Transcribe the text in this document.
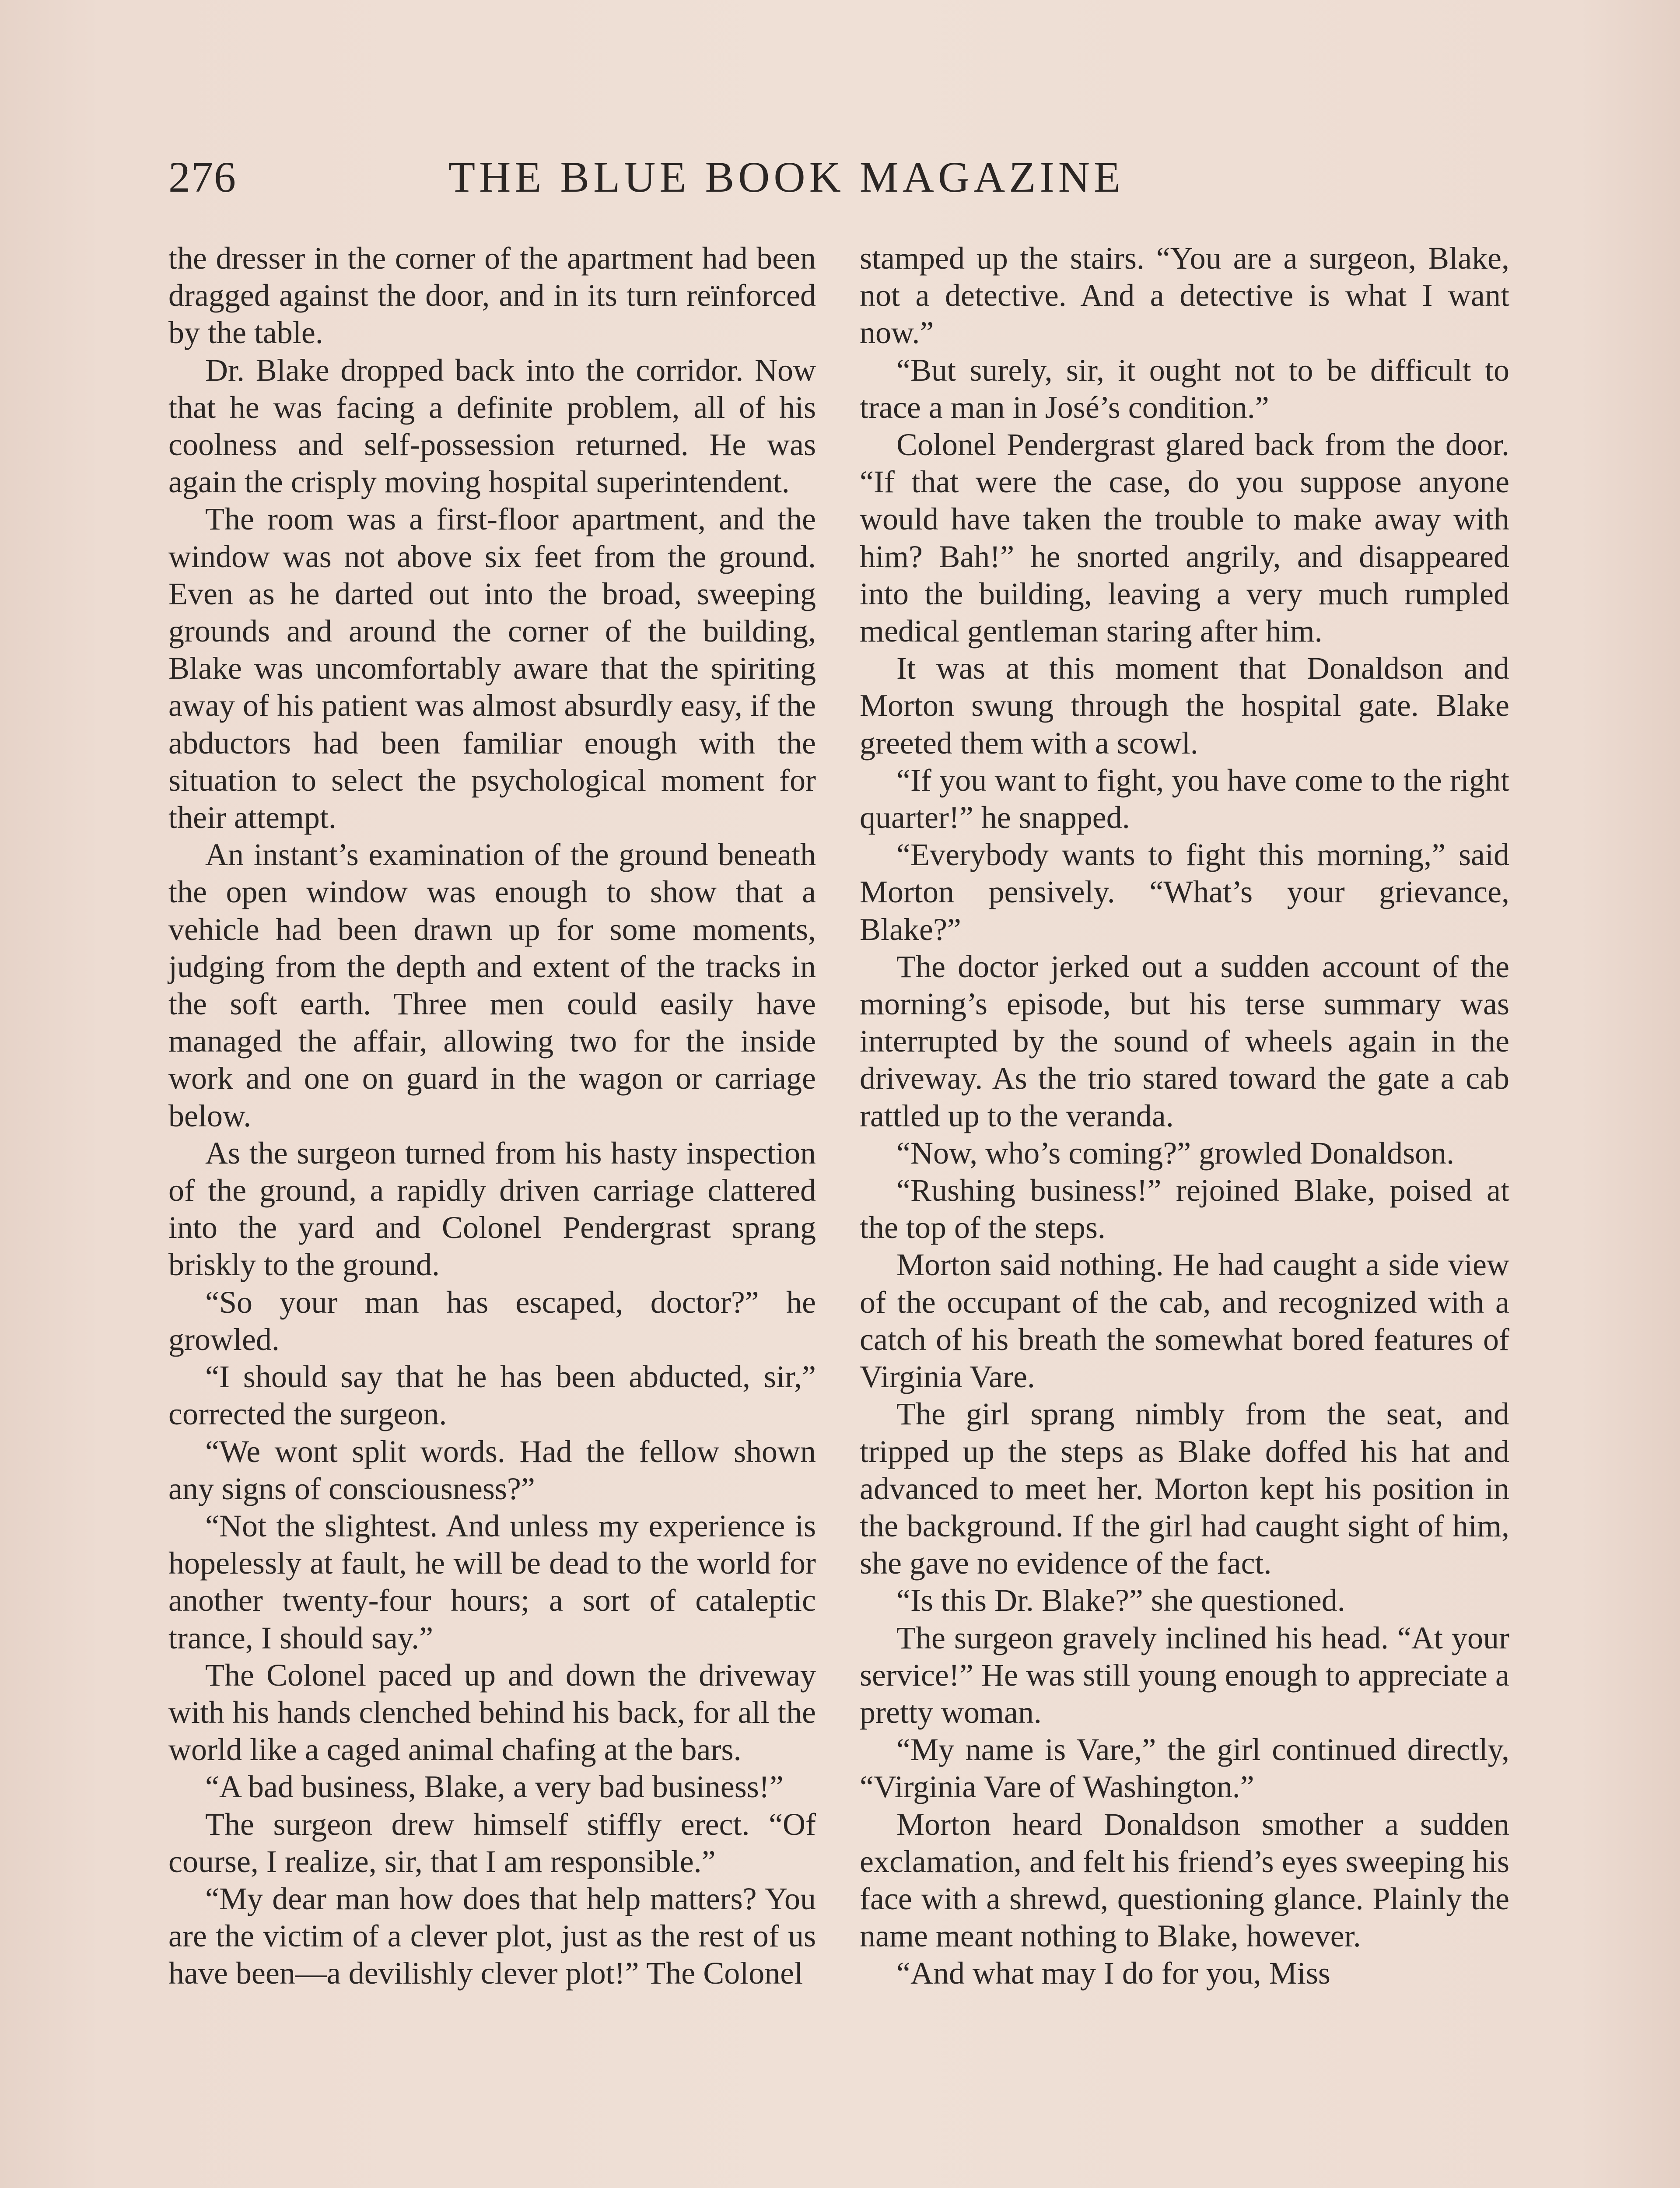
276	THE BLUE BOOK MAGAZINE

the dresser in the corner of the apartment had been dragged against the door, and in its turn reïnforced by the table.

Dr. Blake dropped back into the corridor. Now that he was facing a definite problem, all of his coolness and self-possession returned. He was again the crisply moving hospital superintendent.

The room was a first-floor apartment, and the window was not above six feet from the ground. Even as he darted out into the broad, sweeping grounds and around the corner of the building, Blake was uncomfortably aware that the spiriting away of his patient was almost absurdly easy, if the abductors had been familiar enough with the situation to select the psychological moment for their attempt.

An instant’s examination of the ground beneath the open window was enough to show that a vehicle had been drawn up for some moments, judging from the depth and extent of the tracks in the soft earth. Three men could easily have managed the affair, allowing two for the inside work and one on guard in the wagon or carriage below.

As the surgeon turned from his hasty inspection of the ground, a rapidly driven carriage clattered into the yard and Colonel Pendergrast sprang briskly to the ground.

“So your man has escaped, doctor?” he growled.

“I should say that he has been abducted, sir,” corrected the surgeon.

“We wont split words. Had the fellow shown any signs of consciousness?”

“Not the slightest. And unless my experience is hopelessly at fault, he will be dead to the world for another twenty-four hours; a sort of cataleptic trance, I should say.”

The Colonel paced up and down the driveway with his hands clenched behind his back, for all the world like a caged animal chafing at the bars.

“A bad business, Blake, a very bad business!”

The surgeon drew himself stiffly erect. “Of course, I realize, sir, that I am responsible.”

“My dear man how does that help matters? You are the victim of a clever plot, just as the rest of us have been—a devilishly clever plot!” The Colonel

stamped up the stairs. “You are a surgeon, Blake, not a detective. And a detective is what I want now.”

“But surely, sir, it ought not to be difficult to trace a man in José’s condition.”

Colonel Pendergrast glared back from the door. “If that were the case, do you suppose anyone would have taken the trouble to make away with him? Bah!” he snorted angrily, and disappeared into the building, leaving a very much rumpled medical gentleman staring after him.

It was at this moment that Donaldson and Morton swung through the hospital gate. Blake greeted them with a scowl.

“If you want to fight, you have come to the right quarter!” he snapped.

“Everybody wants to fight this morning,” said Morton pensively. “What’s your grievance, Blake?”

The doctor jerked out a sudden account of the morning’s episode, but his terse summary was interrupted by the sound of wheels again in the driveway. As the trio stared toward the gate a cab rattled up to the veranda.

“Now, who’s coming?” growled Donaldson.

“Rushing business!” rejoined Blake, poised at the top of the steps.

Morton said nothing. He had caught a side view of the occupant of the cab, and recognized with a catch of his breath the somewhat bored features of Virginia Vare.

The girl sprang nimbly from the seat, and tripped up the steps as Blake doffed his hat and advanced to meet her. Morton kept his position in the background. If the girl had caught sight of him, she gave no evidence of the fact.

“Is this Dr. Blake?” she questioned.

The surgeon gravely inclined his head. “At your service!” He was still young enough to appreciate a pretty woman.

“My name is Vare,” the girl continued directly, “Virginia Vare of Washington.”

Morton heard Donaldson smother a sudden exclamation, and felt his friend’s eyes sweeping his face with a shrewd, questioning glance. Plainly the name meant nothing to Blake, however.

“And what may I do for you, Miss
